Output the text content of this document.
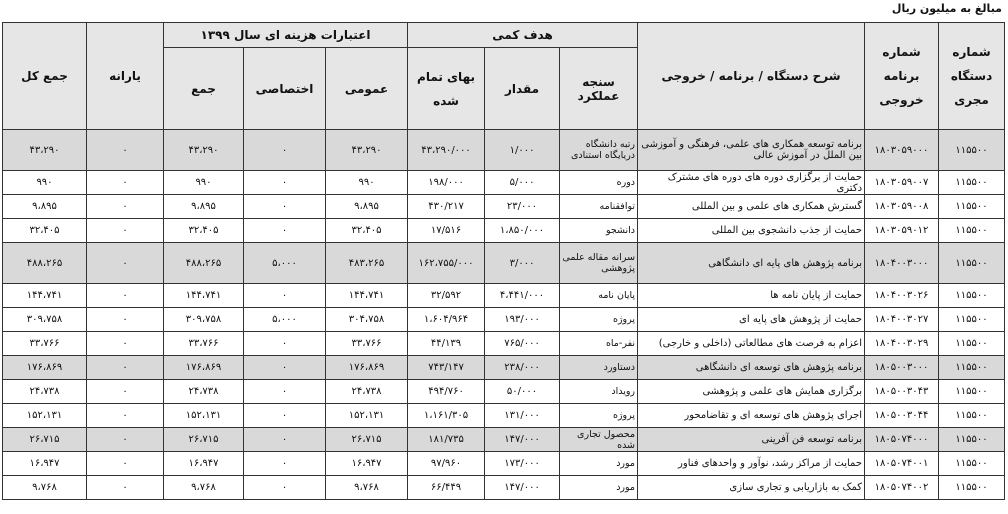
مبالغ به میلیون ریال
شماره دستگاه مجری	شماره برنامه خروجی	شرح دستگاه / برنامه / خروجی	هدف کمی			اعتبارات هزینه ای سال ۱۳۹۹			یارانه	جمع کل
			سنجه عملکرد	مقدار	بهای تمام شده	عمومی	اختصاصی	جمع		
۱۱۵۵۰۰	۱۸۰۳۰۵۹۰۰۰	برنامه توسعه همکاری های علمی، فرهنگی و آموزشی بین الملل در آموزش عالی	رتبه دانشگاه دریایگاه استنادی	۱/۰۰۰	۴۳،۲۹۰/۰۰۰	۴۳،۲۹۰	۰	۴۳،۲۹۰	۰	۴۳،۲۹۰
۱۱۵۵۰۰	۱۸۰۳۰۵۹۰۰۷	حمایت از برگزاری دوره های دوره های مشترک دکتری	دوره	۵/۰۰۰	۱۹۸/۰۰۰	۹۹۰	۰	۹۹۰	۰	۹۹۰
۱۱۵۵۰۰	۱۸۰۳۰۵۹۰۰۸	گسترش همکاری های علمی و بین المللی	توافقنامه	۲۳/۰۰۰	۴۳۰/۲۱۷	۹،۸۹۵	۰	۹،۸۹۵	۰	۹،۸۹۵
۱۱۵۵۰۰	۱۸۰۳۰۵۹۰۱۲	حمایت از جذب دانشجوی بین المللی	دانشجو	۱،۸۵۰/۰۰۰	۱۷/۵۱۶	۳۲،۴۰۵	۰	۳۲،۴۰۵	۰	۳۲،۴۰۵
۱۱۵۵۰۰	۱۸۰۴۰۰۳۰۰۰	برنامه پژوهش های پایه ای دانشگاهی	سرانه مقاله علمی پژوهشی	۳/۰۰۰	۱۶۲،۷۵۵/۰۰۰	۴۸۳،۲۶۵	۵،۰۰۰	۴۸۸،۲۶۵	۰	۴۸۸،۲۶۵
۱۱۵۵۰۰	۱۸۰۴۰۰۳۰۲۶	حمایت از پایان نامه ها	پایان نامه	۴،۴۴۱/۰۰۰	۳۲/۵۹۲	۱۴۴،۷۴۱	۰	۱۴۴،۷۴۱	۰	۱۴۴،۷۴۱
۱۱۵۵۰۰	۱۸۰۴۰۰۳۰۲۷	حمایت از پژوهش های پایه ای	پروژه	۱۹۳/۰۰۰	۱،۶۰۴/۹۶۴	۳۰۴،۷۵۸	۵،۰۰۰	۳۰۹،۷۵۸	۰	۳۰۹،۷۵۸
۱۱۵۵۰۰	۱۸۰۴۰۰۳۰۲۹	اعزام به فرصت های مطالعاتی (داخلی و خارجی)	نفر-ماه	۷۶۵/۰۰۰	۴۴/۱۳۹	۳۳،۷۶۶	۰	۳۳،۷۶۶	۰	۳۳،۷۶۶
۱۱۵۵۰۰	۱۸۰۵۰۰۳۰۰۰	برنامه پژوهش های توسعه ای دانشگاهی	دستاورد	۲۳۸/۰۰۰	۷۴۳/۱۴۷	۱۷۶،۸۶۹	۰	۱۷۶،۸۶۹	۰	۱۷۶،۸۶۹
۱۱۵۵۰۰	۱۸۰۵۰۰۳۰۴۳	برگزاری همایش های علمی و پژوهشی	رویداد	۵۰/۰۰۰	۴۹۴/۷۶۰	۲۴،۷۳۸	۰	۲۴،۷۳۸	۰	۲۴،۷۳۸
۱۱۵۵۰۰	۱۸۰۵۰۰۳۰۴۴	اجرای پژوهش های توسعه ای و تقاضامحور	پروژه	۱۳۱/۰۰۰	۱،۱۶۱/۳۰۵	۱۵۲،۱۳۱	۰	۱۵۲،۱۳۱	۰	۱۵۲،۱۳۱
۱۱۵۵۰۰	۱۸۰۵۰۷۴۰۰۰	برنامه توسعه فن آفرینی	محصول تجاری شده	۱۴۷/۰۰۰	۱۸۱/۷۳۵	۲۶،۷۱۵	۰	۲۶،۷۱۵	۰	۲۶،۷۱۵
۱۱۵۵۰۰	۱۸۰۵۰۷۴۰۰۱	حمایت از مراکز رشد، نوآور و واحدهای فناور	مورد	۱۷۳/۰۰۰	۹۷/۹۶۰	۱۶،۹۴۷	۰	۱۶،۹۴۷	۰	۱۶،۹۴۷
۱۱۵۵۰۰	۱۸۰۵۰۷۴۰۰۲	کمک به بازاریابی و تجاری سازی	مورد	۱۴۷/۰۰۰	۶۶/۴۴۹	۹،۷۶۸	۰	۹،۷۶۸	۰	۹،۷۶۸
